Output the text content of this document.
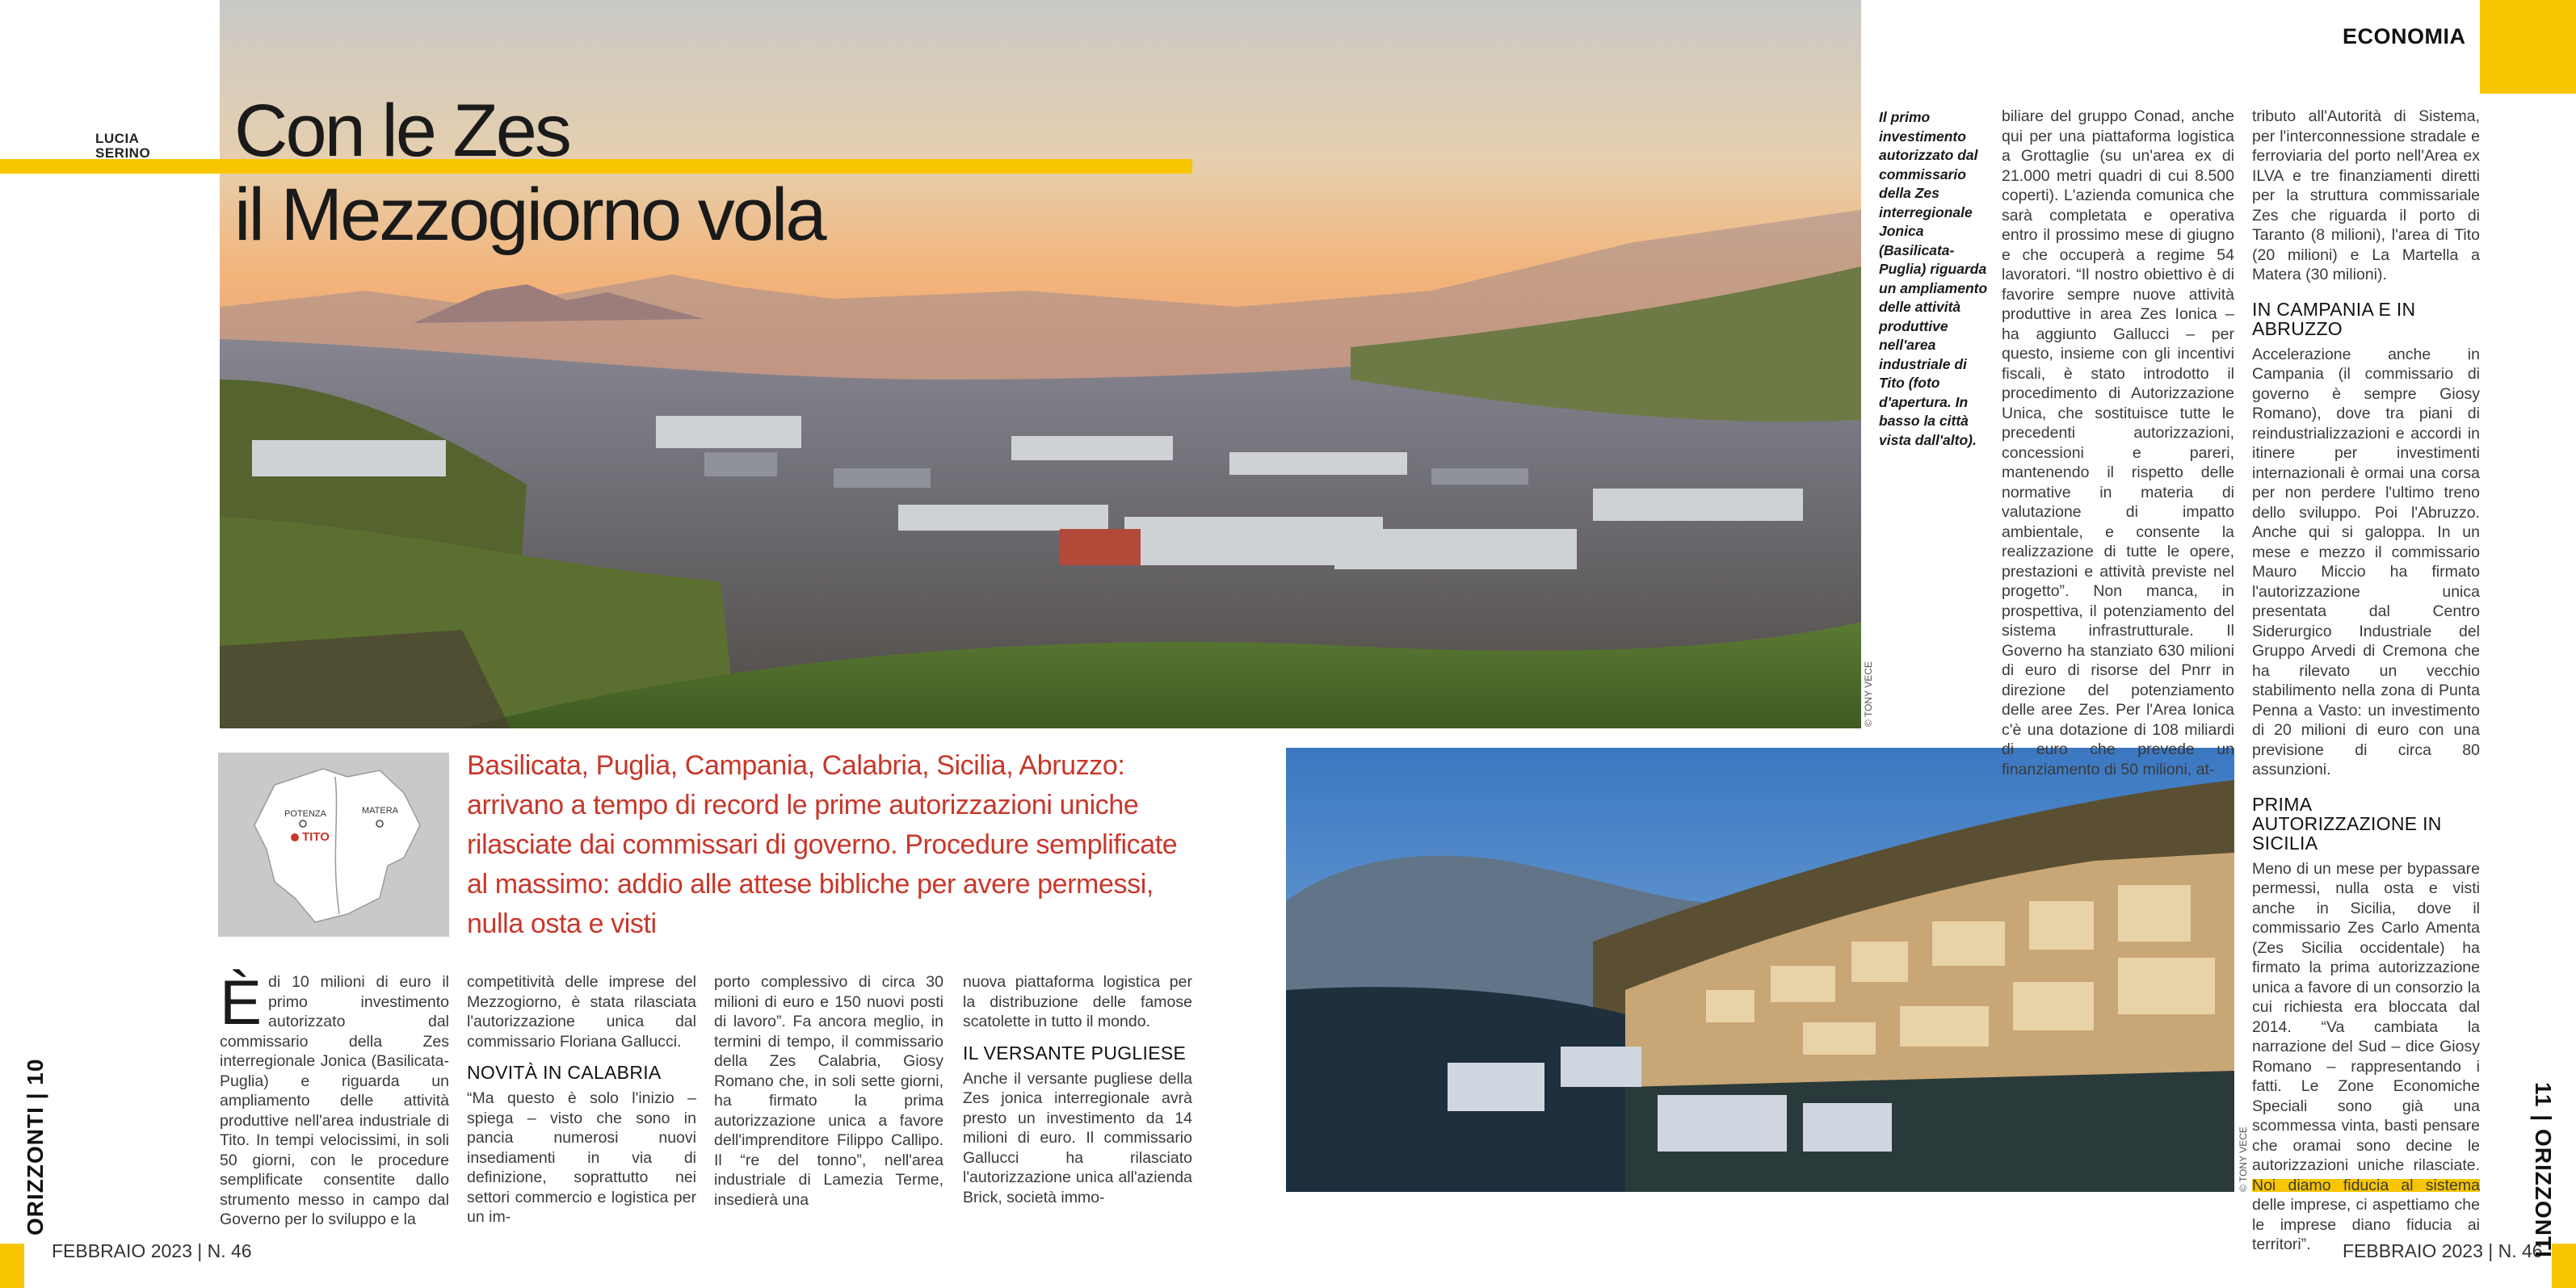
POTENZA	MATERA
TITO
LUCIA
SERINO Con le Zes
il Mezzogiorno vola
ECONOMIA
Il primo investimento autorizzato dal commissario della Zes interregionale Jonica (Basilicata-Puglia) riguarda un ampliamento delle attività produttive nell'area industriale di Tito (foto d'apertura. In basso la città vista dall'alto).
© TONY VECE
© TONY VECE
Basilicata, Puglia, Campania, Calabria, Sicilia, Abruzzo: arrivano a tempo di record le prime autorizzazioni uniche rilasciate dai commissari di governo. Procedure semplificate al massimo: addio alle attese bibliche per avere permessi, nulla osta e visti
È di 10 milioni di euro il primo investimento autorizzato dal commissario della Zes interregionale Jonica (Basilicata-Puglia) e riguarda un ampliamento delle attività produttive nell'area industriale di Tito. In tempi velocissimi, in soli 50 giorni, con le procedure semplificate consentite dallo strumento messo in campo dal Governo per lo sviluppo e la

competitività delle imprese del Mezzogiorno, è stata rilasciata l'autorizzazione unica dal commissario Floriana Gallucci.

NOVITÀ IN CALABRIA

“Ma questo è solo l'inizio – spiega – visto che sono in pancia numerosi nuovi insediamenti in via di definizione, soprattutto nei settori commercio e logistica per un im-

porto complessivo di circa 30 milioni di euro e 150 nuovi posti di lavoro”. Fa ancora meglio, in termini di tempo, il commissario della Zes Calabria, Giosy Romano che, in soli sette giorni, ha firmato la prima autorizzazione unica a favore dell'imprenditore Filippo Callipo. Il “re del tonno”, nell'area industriale di Lamezia Terme, insedierà una

nuova piattaforma logistica per la distribuzione delle famose scatolette in tutto il mondo.

IL VERSANTE PUGLIESE

Anche il versante pugliese della Zes jonica interregionale avrà presto un investimento da 14 milioni di euro. Il commissario Gallucci ha rilasciato l'autorizzazione unica all'azienda Brick, società immo-

biliare del gruppo Conad, anche qui per una piattaforma logistica a Grottaglie (su un'area ex di 21.000 metri quadri di cui 8.500 coperti). L'azienda comunica che sarà completata e operativa entro il prossimo mese di giugno e che occuperà a regime 54 lavoratori. “Il nostro obiettivo è di favorire sempre nuove attività produttive in area Zes Ionica – ha aggiunto Gallucci – per questo, insieme con gli incentivi fiscali, è stato introdotto il procedimento di Autorizzazione Unica, che sostituisce tutte le precedenti autorizzazioni, concessioni e pareri, mantenendo il rispetto delle normative in materia di valutazione di impatto ambientale, e consente la realizzazione di tutte le opere, prestazioni e attività previste nel progetto”. Non manca, in prospettiva, il potenziamento del sistema infrastrutturale. Il Governo ha stanziato 630 milioni di euro di risorse del Pnrr in direzione del potenziamento delle aree Zes. Per l'Area Ionica c'è una dotazione di 108 miliardi di euro che prevede un finanziamento di 50 milioni, at-

tributo all'Autorità di Sistema, per l'interconnessione stradale e ferroviaria del porto nell'Area ex ILVA e tre finanziamenti diretti per la struttura commissariale Zes che riguarda il porto di Taranto (8 milioni), l'area di Tito (20 milioni) e La Martella a Matera (30 milioni).

IN CAMPANIA E IN ABRUZZO

Accelerazione anche in Campania (il commissario di governo è sempre Giosy Romano), dove tra piani di reindustrializzazioni e accordi in itinere per investimenti internazionali è ormai una corsa per non perdere l'ultimo treno dello sviluppo. Poi l'Abruzzo. Anche qui si galoppa. In un mese e mezzo il commissario Mauro Miccio ha firmato l'autorizzazione unica presentata dal Centro Siderurgico Industriale del Gruppo Arvedi di Cremona che ha rilevato un vecchio stabilimento nella zona di Punta Penna a Vasto: un investimento di 20 milioni di euro con una previsione di circa 80 assunzioni.

PRIMA AUTORIZZAZIONE IN SICILIA

Meno di un mese per bypassare permessi, nulla osta e visti anche in Sicilia, dove il commissario Zes Carlo Amenta (Zes Sicilia occidentale) ha firmato la prima autorizzazione unica a favore di un consorzio la cui richiesta era bloccata dal 2014. “Va cambiata la narrazione del Sud – dice Giosy Romano – rappresentando i fatti. Le Zone Economiche Speciali sono già una scommessa vinta, basti pensare che oramai sono decine le autorizzazioni uniche rilasciate. Noi diamo fiducia al sistema delle imprese, ci aspettiamo che le imprese diano fiducia ai territori”.

FEBBRAIO 2023 | N. 46	FEBBRAIO 2023 | N. 46
ORIZZONTI | 10	11 | ORIZZONTI
